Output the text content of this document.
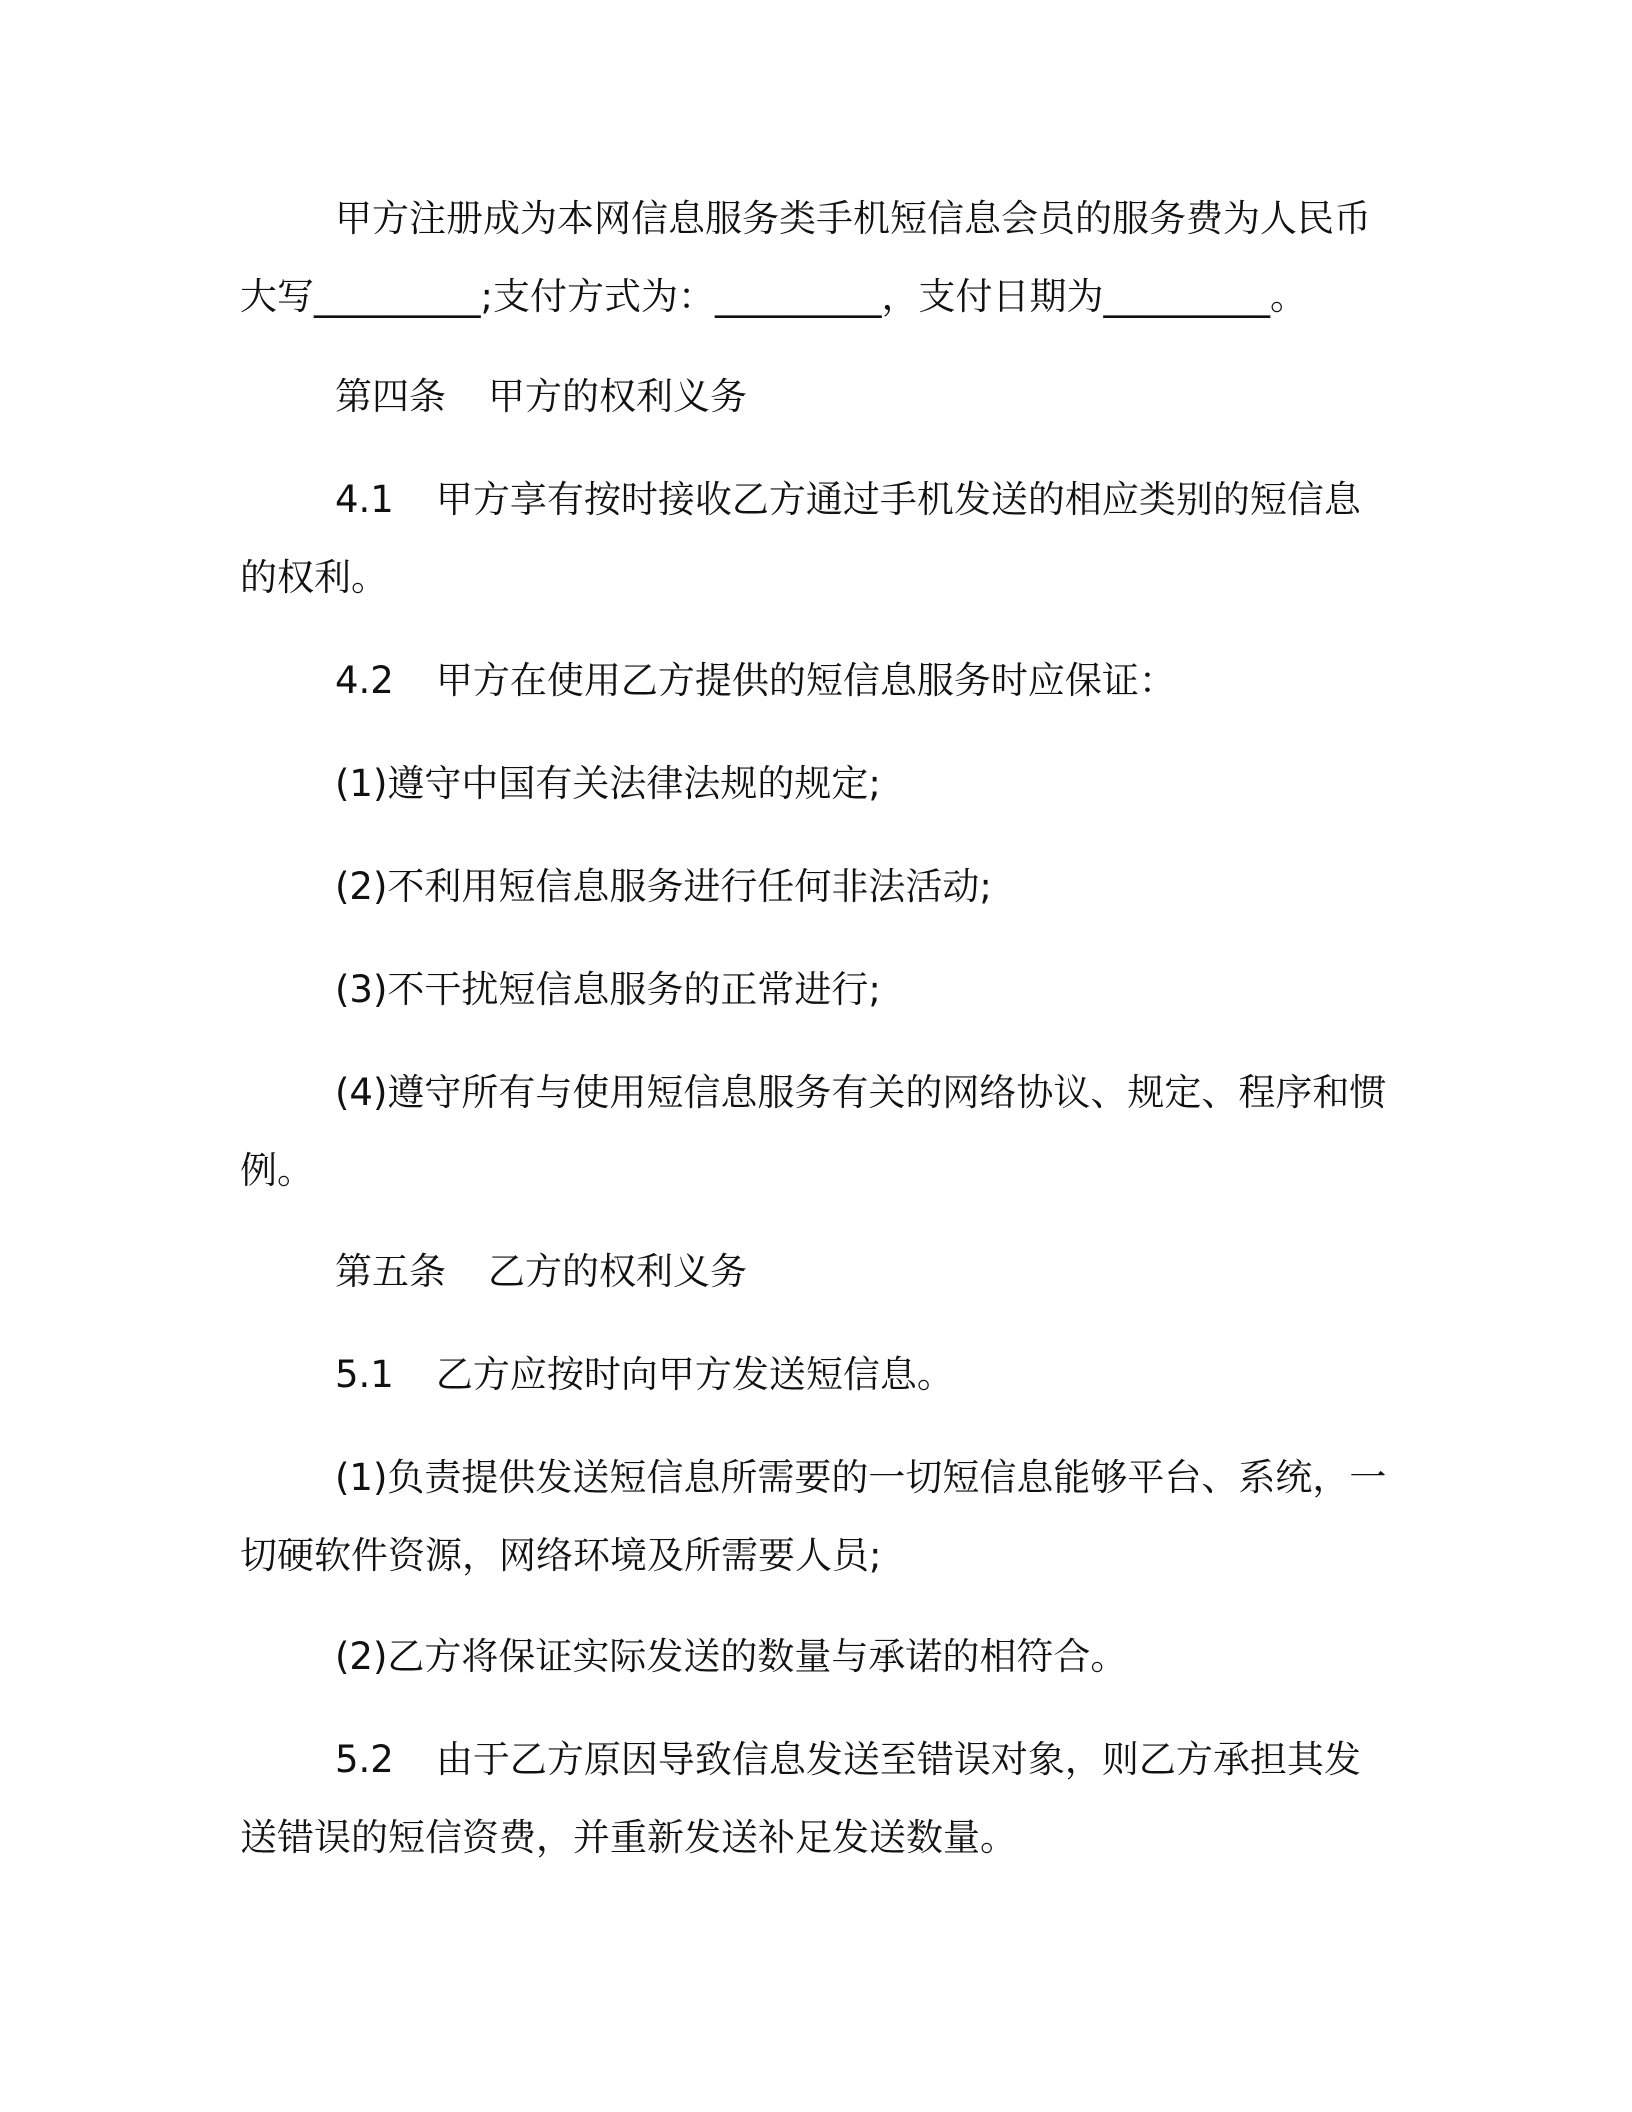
甲方注册成为本网信息服务类手机短信息会员的服务费为人民币
大写_________;支付方式为：_________，支付日期为_________。
第四条 甲方的权利义务
4.1 甲方享有按时接收乙方通过手机发送的相应类别的短信息
的权利。
4.2 甲方在使用乙方提供的短信息服务时应保证：
(1)遵守中国有关法律法规的规定;
(2)不利用短信息服务进行任何非法活动;
(3)不干扰短信息服务的正常进行;
(4)遵守所有与使用短信息服务有关的网络协议、规定、程序和惯
例。
第五条 乙方的权利义务
5.1 乙方应按时向甲方发送短信息。
(1)负责提供发送短信息所需要的一切短信息能够平台、系统，一
切硬软件资源，网络环境及所需要人员;
(2)乙方将保证实际发送的数量与承诺的相符合。
5.2 由于乙方原因导致信息发送至错误对象，则乙方承担其发
送错误的短信资费，并重新发送补足发送数量。
